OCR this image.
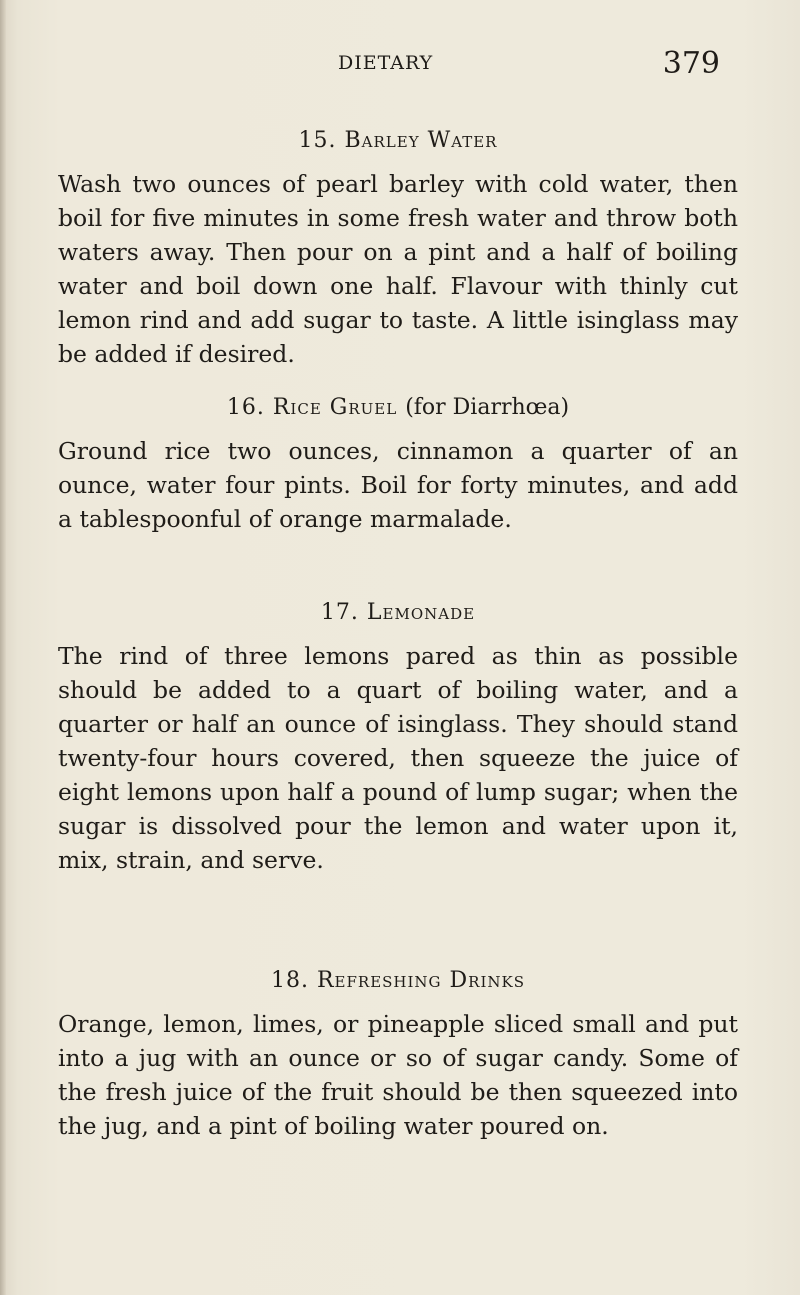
DIETARY	379
15. Barley Water

Wash two ounces of pearl barley with cold water, then boil for five minutes in some fresh water and throw both waters away. Then pour on a pint and a half of boiling water and boil down one half. Flavour with thinly cut lemon rind and add sugar to taste. A little isinglass may be added if desired.

16. Rice Gruel (for Diarrhœa)

Ground rice two ounces, cinnamon a quarter of an ounce, water four pints. Boil for forty minutes, and add a tablespoonful of orange marmalade.

17. Lemonade

The rind of three lemons pared as thin as possible should be added to a quart of boiling water, and a quarter or half an ounce of isinglass. They should stand twenty-four hours covered, then squeeze the juice of eight lemons upon half a pound of lump sugar; when the sugar is dissolved pour the lemon and water upon it, mix, strain, and serve.

18. Refreshing Drinks

Orange, lemon, limes, or pineapple sliced small and put into a jug with an ounce or so of sugar candy. Some of the fresh juice of the fruit should be then squeezed into the jug, and a pint of boiling water poured on.
